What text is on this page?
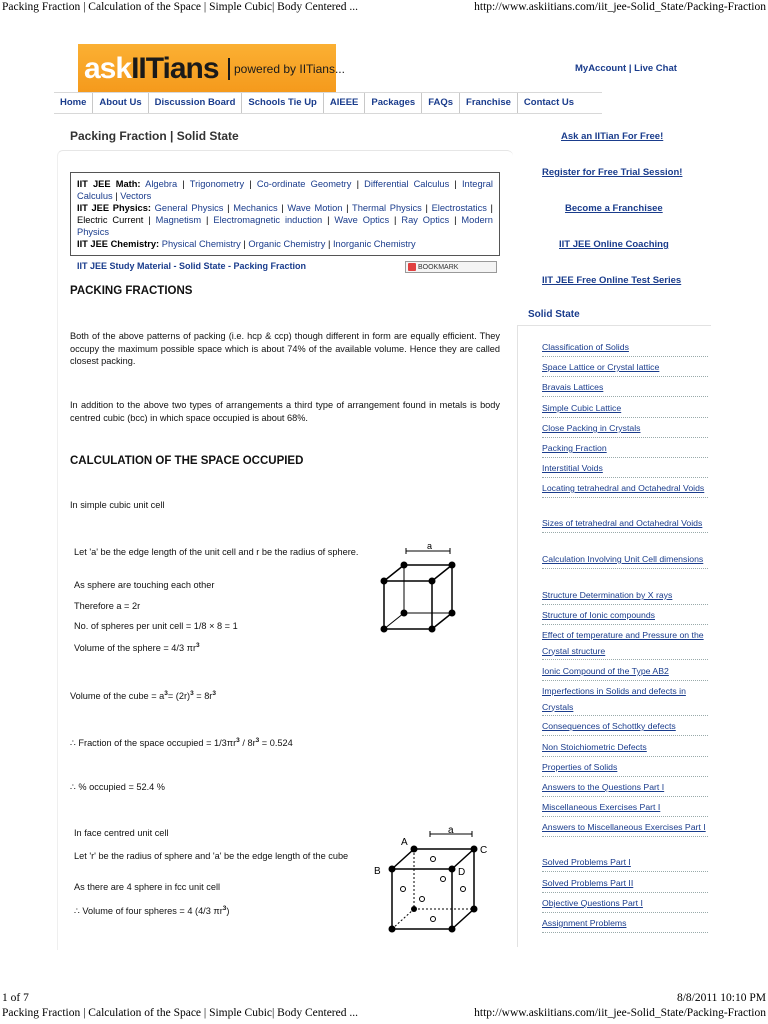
Packing Fraction | Calculation of the Space | Simple Cubic| Body Centered ...	http://www.askiitians.com/iit_jee-Solid_State/Packing-Fraction
askIITians powered by IITians...	MyAccount | Live Chat
Home	About Us	Discussion Board	Schools Tie Up	AIEEE	Packages	FAQs	Franchise	Contact Us
Packing Fraction | Solid State
IIT JEE Math: Algebra | Trigonometry | Co-ordinate Geometry | Differential Calculus | Integral Calculus | Vectors
IIT JEE Physics: General Physics | Mechanics | Wave Motion | Thermal Physics | Electrostatics | Electric Current | Magnetism | Electromagnetic induction | Wave Optics | Ray Optics | Modern Physics
IIT JEE Chemistry: Physical Chemistry | Organic Chemistry | Inorganic Chemistry
IIT JEE Study Material - Solid State - Packing Fraction	BOOKMARK
PACKING FRACTIONS
Both of the above patterns of packing (i.e. hcp & ccp) though different in form are equally efficient. They occupy the maximum possible space which is about 74% of the available volume. Hence they are called closest packing.
In addition to the above two types of arrangements a third type of arrangement found in metals is body centred cubic (bcc) in which space occupied is about 68%.
CALCULATION OF THE SPACE OCCUPIED
In simple cubic unit cell
Let 'a' be the edge length of the unit cell and r be the radius of sphere.
As sphere are touching each other
Therefore a = 2r
No. of spheres per unit cell = 1/8 × 8 = 1
Volume of the sphere = 4/3 $\pi r^3$
a
Volume of the cube = $a^3= (2r)^3 = 8r^3$
∴ Fraction of the space occupied = $1/3\pi r^3 / 8r^3 = 0.524$
∴ % occupied = 52.4 %
In face centred unit cell
Let 'r' be the radius of sphere and 'a' be the edge length of the cube
As there are 4 sphere in fcc unit cell
∴ Volume of four spheres = 4 (4/3 $\pi r^3$)
a
A
B
C
D
Ask an IITian For Free!
Register for Free Trial Session!
Become a Franchisee
IIT JEE Online Coaching
IIT JEE Free Online Test Series
Solid State
Classification of Solids
Space Lattice or Crystal lattice
Bravais Lattices
Simple Cubic Lattice
Close Packing in Crystals
Packing Fraction
Interstitial Voids
Locating tetrahedral and Octahedral Voids
Sizes of tetrahedral and Octahedral Voids
Calculation Involving Unit Cell dimensions
Structure Determination by X rays
Structure of Ionic compounds
Effect of temperature and Pressure on the Crystal structure
Ionic Compound of the Type AB2
Imperfections in Solids and defects in Crystals
Consequences of Schottky defects
Non Stoichiometric Defects
Properties of Solids
Answers to the Questions Part I
Miscellaneous Exercises Part I
Answers to Miscellaneous Exercises Part I
Solved Problems Part I
Solved Problems Part II
Objective Questions Part I
Assignment Problems
1 of 7	8/8/2011 10:10 PM
Packing Fraction | Calculation of the Space | Simple Cubic| Body Centered ...	http://www.askiitians.com/iit_jee-Solid_State/Packing-Fraction
